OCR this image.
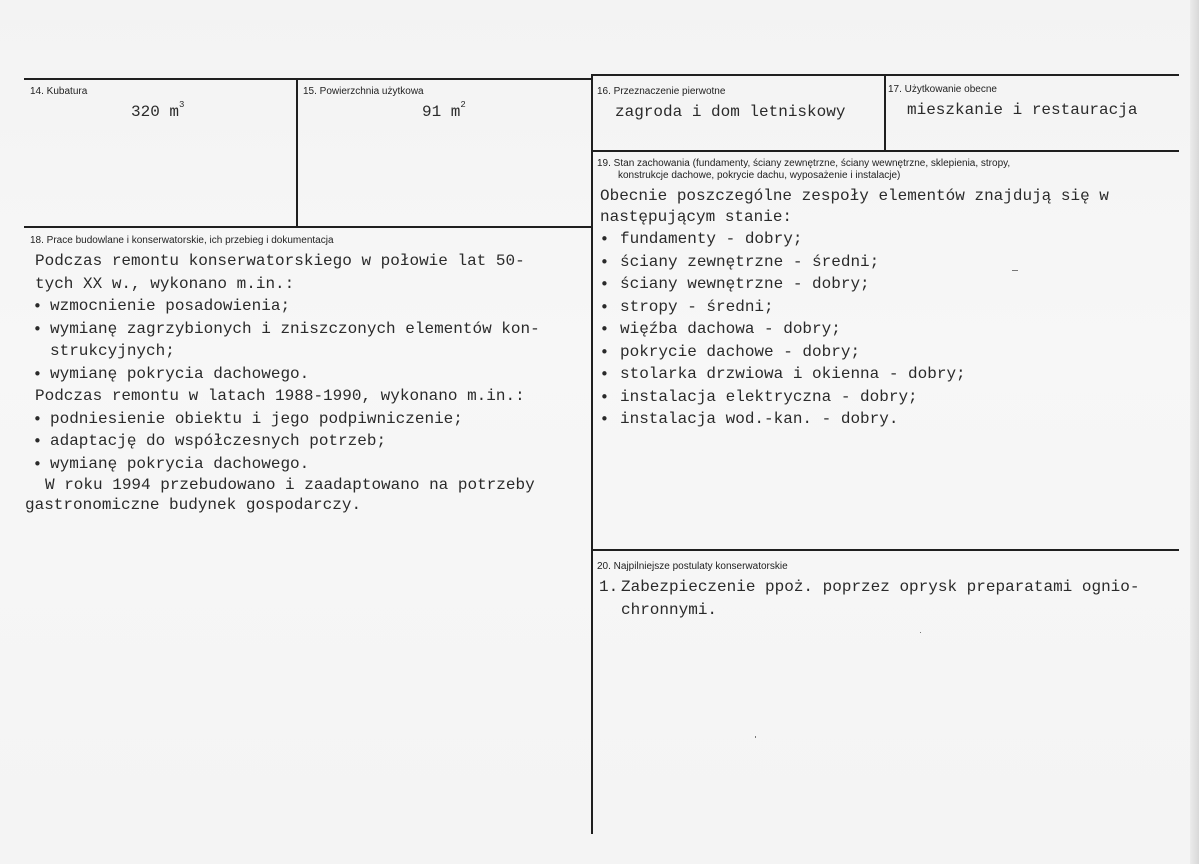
14. Kubatura
320 $m^3$
15. Powierzchnia użytkowa
91 $m^2$
16. Przeznaczenie pierwotne
zagroda i dom letniskowy
17. Użytkowanie obecne
mieszkanie i restauracja
18. Prace budowlane i konserwatorskie, ich przebieg i dokumentacja

Podczas remontu konserwatorskiego w połowie lat 50-

tych XX w., wykonano m.in.:

• wzmocnienie posadowienia;
• wymianę zagrzybionych i zniszczonych elementów kon-
strukcyjnych;
• wymianę pokrycia dachowego.

Podczas remontu w latach 1988-1990, wykonano m.in.:

• podniesienie obiektu i jego podpiwniczenie;
• adaptację do współczesnych potrzeb;
• wymianę pokrycia dachowego.

W roku 1994 przebudowano i zaadaptowano na potrzeby

gastronomiczne budynek gospodarczy.

19. Stan zachowania (fundamenty, ściany zewnętrzne, ściany wewnętrzne, sklepienia, stropy,
konstrukcje dachowe, pokrycie dachu, wyposażenie i instalacje)

Obecnie poszczególne zespoły elementów znajdują się w

następującym stanie:

• fundamenty - dobry;
• ściany zewnętrzne - średni;
• ściany wewnętrzne - dobry;
• stropy - średni;
• więźba dachowa - dobry;
• pokrycie dachowe - dobry;
• stolarka drzwiowa i okienna - dobry;
• instalacja elektryczna - dobry;
• instalacja wod.-kan. - dobry.
20. Najpilniejsze postulaty konserwatorskie
1. Zabezpieczenie ppoż. poprzez oprysk preparatami ognio-
chronnymi.
